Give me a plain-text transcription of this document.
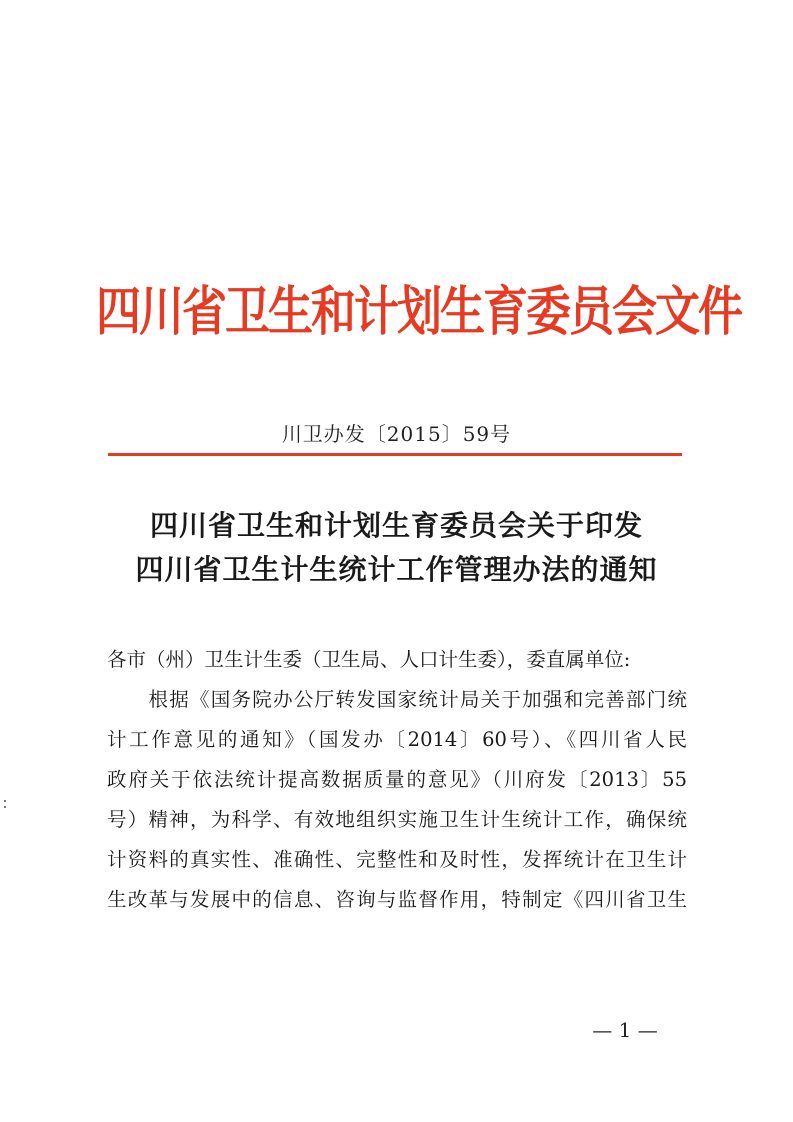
四川省卫生和计划生育委员会文件
川卫办发〔2015〕59号
四川省卫生和计划生育委员会关于印发
四川省卫生计生统计工作管理办法的通知
各市（州）卫生计生委（卫生局、人口计生委），委直属单位:
　　根据《国务院办公厅转发国家统计局关于加强和完善部门统
计工作意见的通知》（国发办〔2014〕60号）、《四川省人民
政府关于依法统计提高数据质量的意见》（川府发〔2013〕55
号）精神，为科学、有效地组织实施卫生计生统计工作，确保统
计资料的真实性、准确性、完整性和及时性，发挥统计在卫生计
生改革与发展中的信息、咨询与监督作用，特制定《四川省卫生
— 1 —
